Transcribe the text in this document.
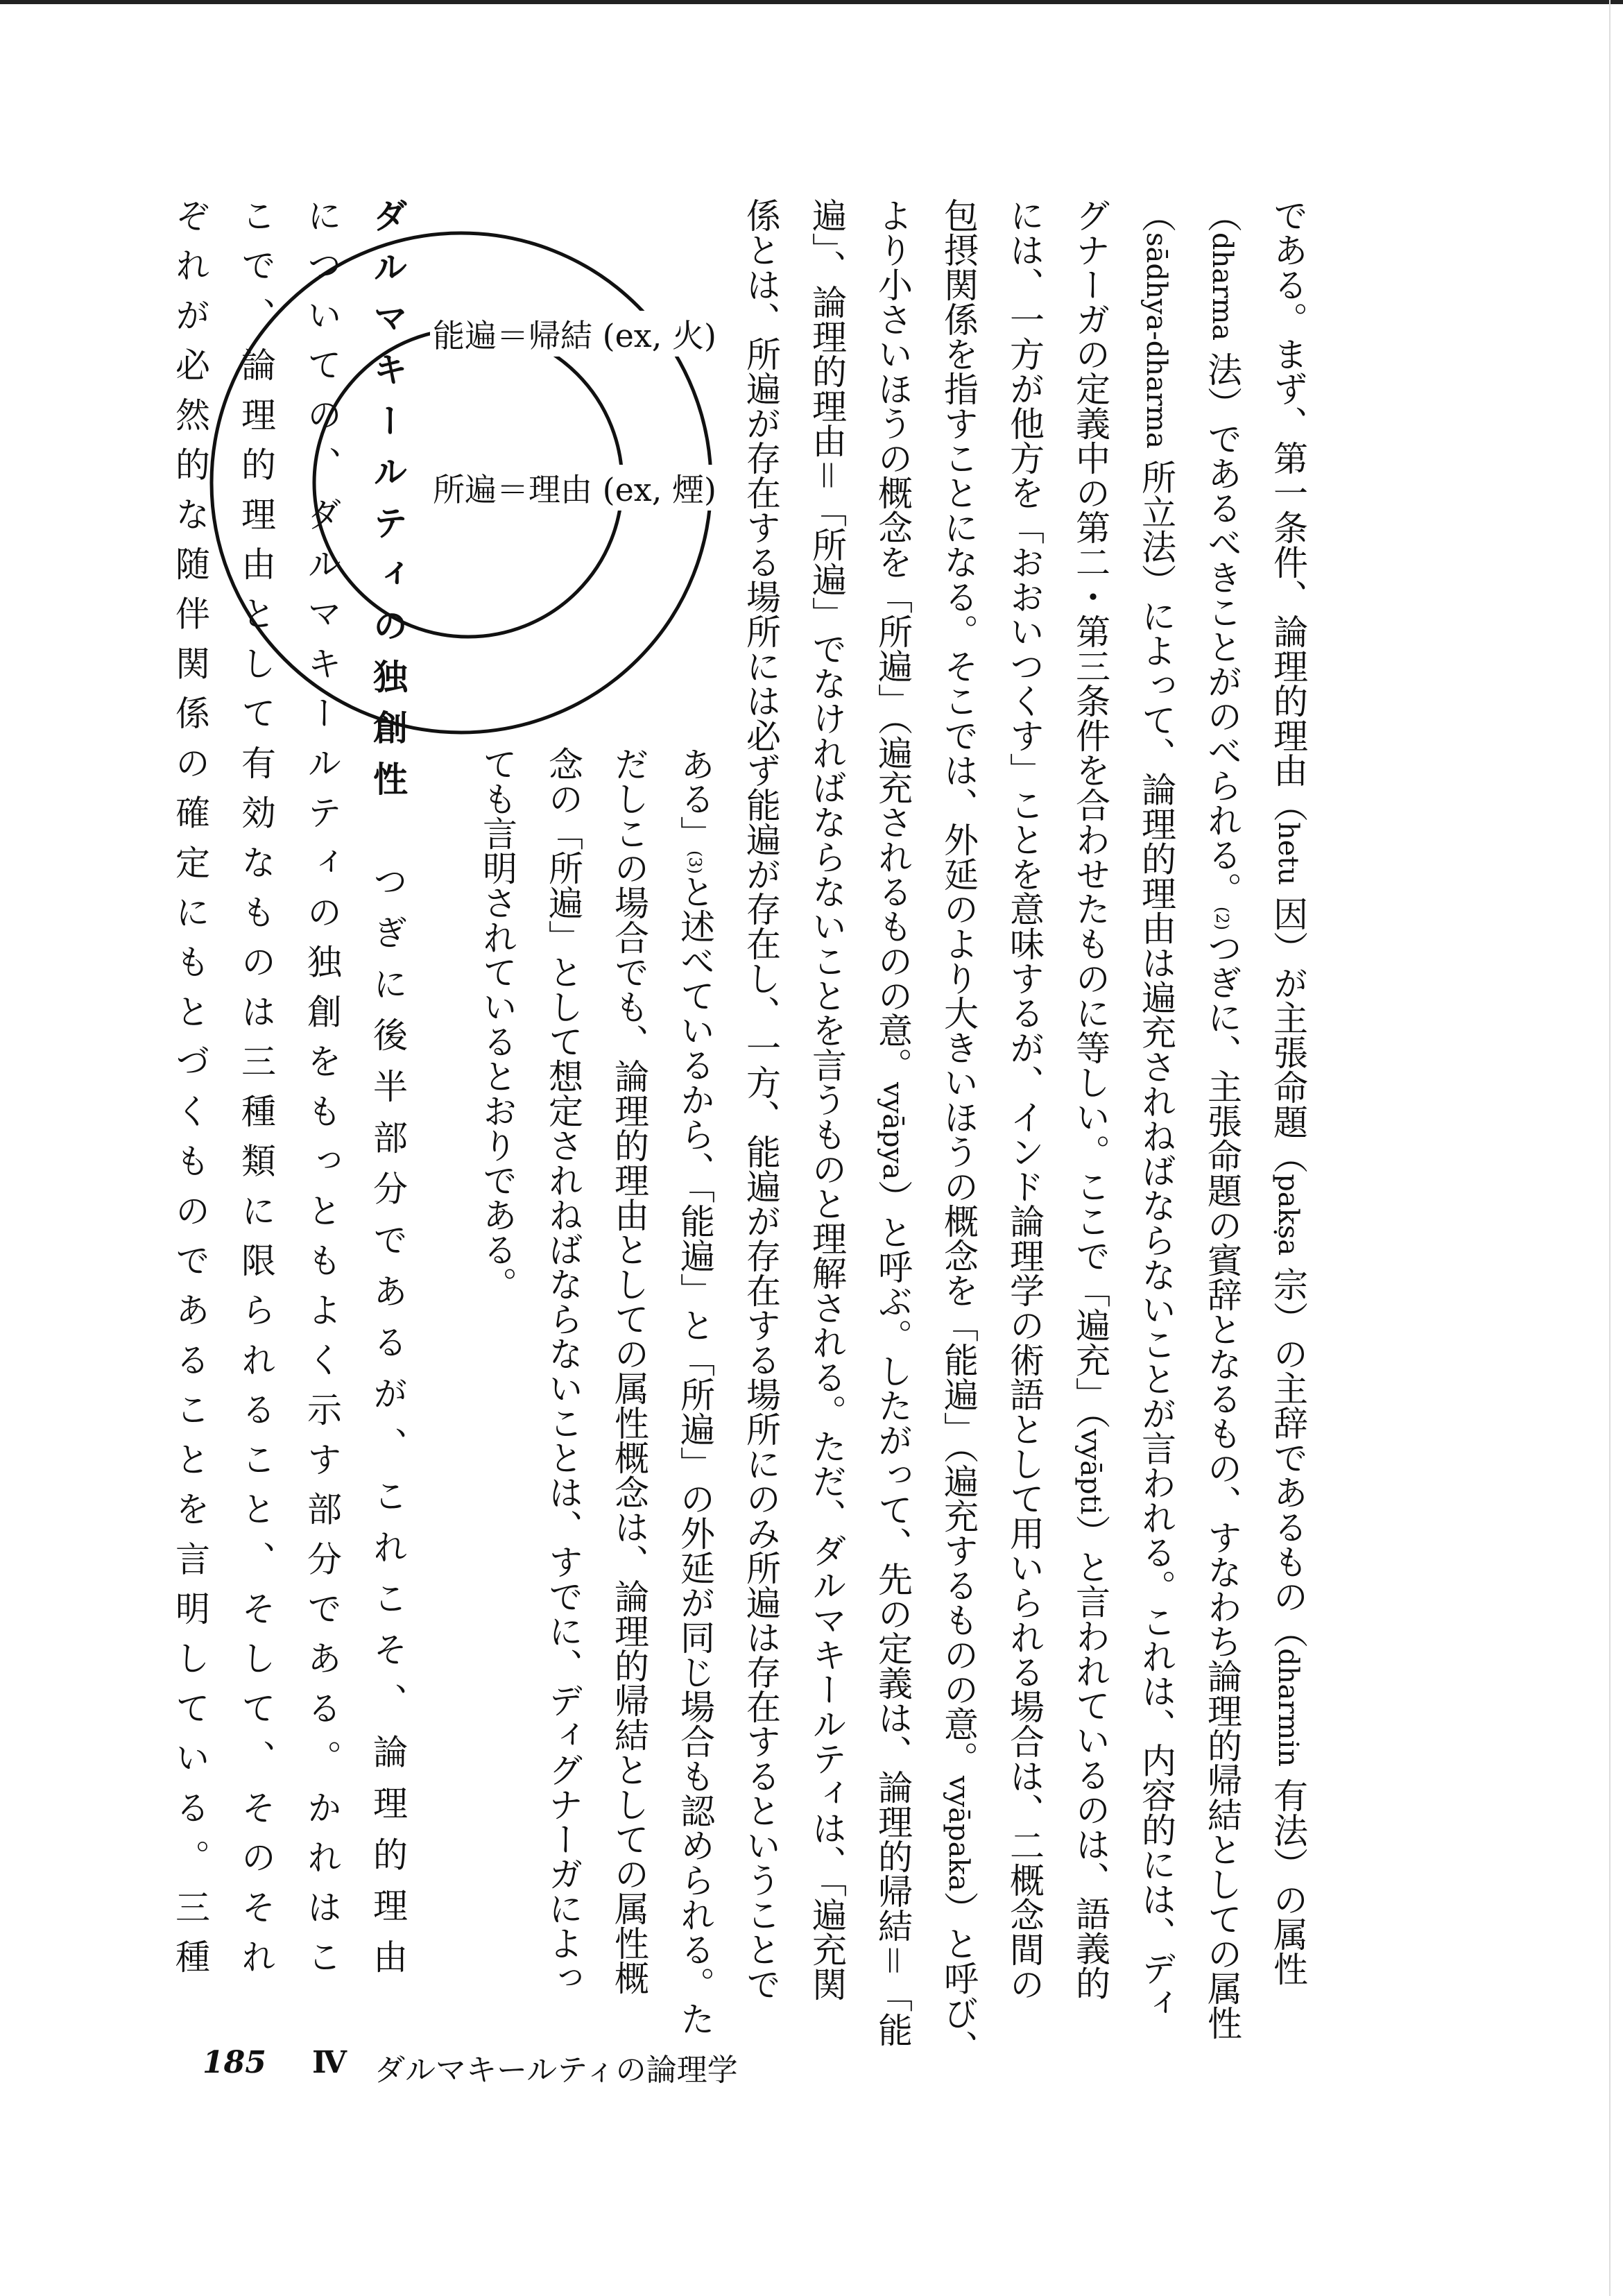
である。まず、第一条件、論理的理由（hetu 因）が主張命題（pakṣa 宗）の主辞であるもの（dharmin 有法）の属性
（dharma 法）であるべきことがのべられる。(2)つぎに、主張命題の賓辞となるもの、すなわち論理的帰結としての属性
（sādhya-dharma 所立法）によって、論理的理由は遍充されねばならないことが言われる。これは、内容的には、ディ
グナーガの定義中の第二・第三条件を合わせたものに等しい。ここで「遍充」（vyāpti）と言われているのは、語義的
には、一方が他方を「おおいつくす」ことを意味するが、インド論理学の術語として用いられる場合は、二概念間の
包摂関係を指すことになる。そこでは、外延のより大きいほうの概念を「能遍」（遍充するものの意。vyāpaka）と呼び、
より小さいほうの概念を「所遍」（遍充されるものの意。vyāpya）と呼ぶ。したがって、先の定義は、論理的帰結＝「能
遍」、論理的理由＝「所遍」でなければならないことを言うものと理解される。ただ、ダルマキールティは、「遍充関
係とは、所遍が存在する場所には必ず能遍が存在し、一方、能遍が存在する場所にのみ所遍は存在するということで
ある」(3)と述べているから、「能遍」と「所遍」の外延が同じ場合も認められる。た
だしこの場合でも、論理的理由としての属性概念は、論理的帰結としての属性概
念の「所遍」として想定されねばならないことは、すでに、ディグナーガによっ
ても言明されているとおりである。
ダルマキールティの独創性　つぎに後半部分であるが、これこそ、論理的理由
についての、ダルマキールティの独創をもっともよく示す部分である。かれはこ
こで、論理的理由として有効なものは三種類に限られること、そして、そのそれ
ぞれが必然的な随伴関係の確定にもとづくものであることを言明している。三種	能遍＝帰結 (ex, 火)
所遍＝理由 (ex, 煙)
185 Ⅳ ダルマキールティの論理学
